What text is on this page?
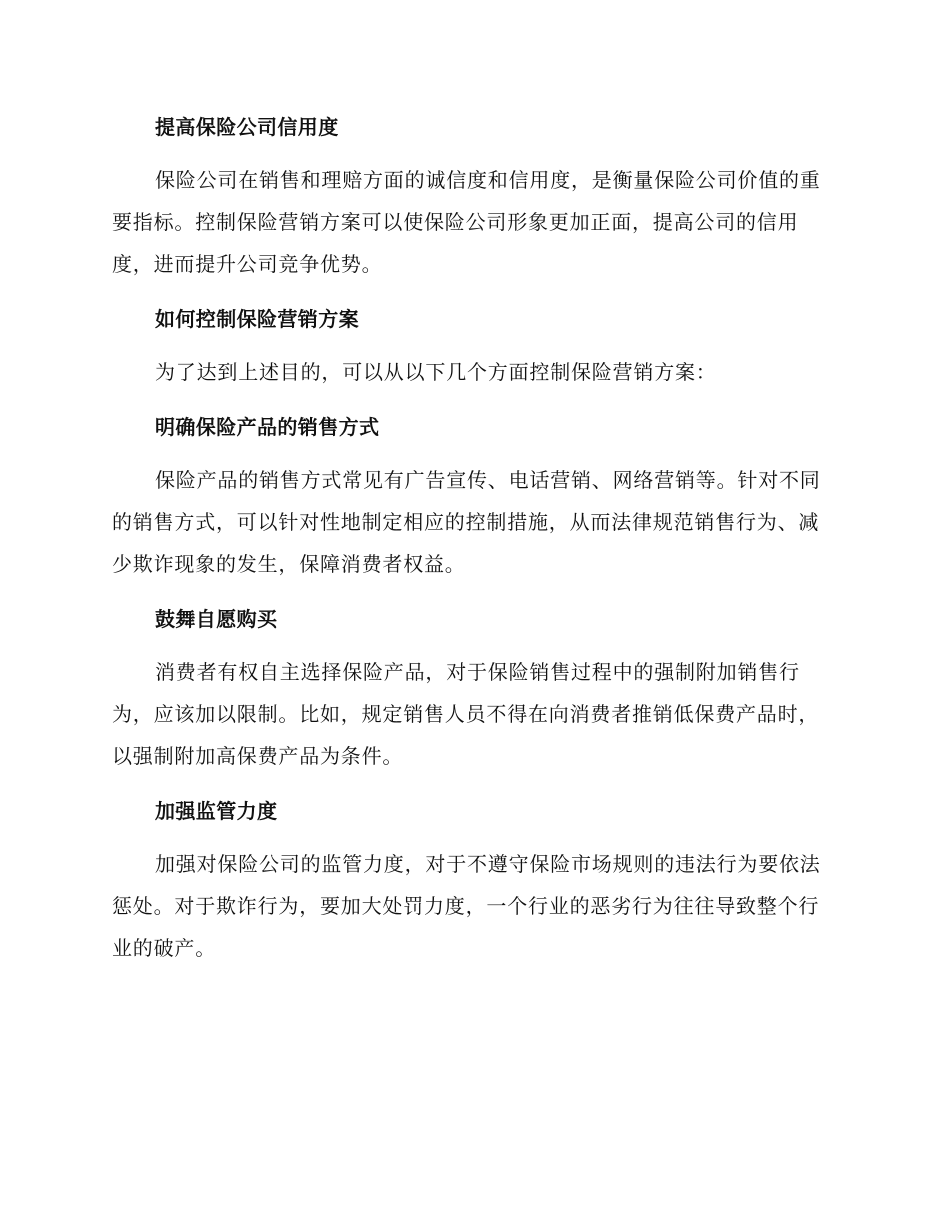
提高保险公司信用度

保险公司在销售和理赔方面的诚信度和信用度，是衡量保险公司价值的重要指标。控制保险营销方案可以使保险公司形象更加正面，提高公司的信用度，进而提升公司竞争优势。

如何控制保险营销方案

为了达到上述目的，可以从以下几个方面控制保险营销方案：

明确保险产品的销售方式

保险产品的销售方式常见有广告宣传、电话营销、网络营销等。针对不同的销售方式，可以针对性地制定相应的控制措施，从而法律规范销售行为、减少欺诈现象的发生，保障消费者权益。

鼓舞自愿购买

消费者有权自主选择保险产品，对于保险销售过程中的强制附加销售行为，应该加以限制。比如，规定销售人员不得在向消费者推销低保费产品时，以强制附加高保费产品为条件。

加强监管力度

加强对保险公司的监管力度，对于不遵守保险市场规则的违法行为要依法惩处。对于欺诈行为，要加大处罚力度，一个行业的恶劣行为往往导致整个行业的破产。
